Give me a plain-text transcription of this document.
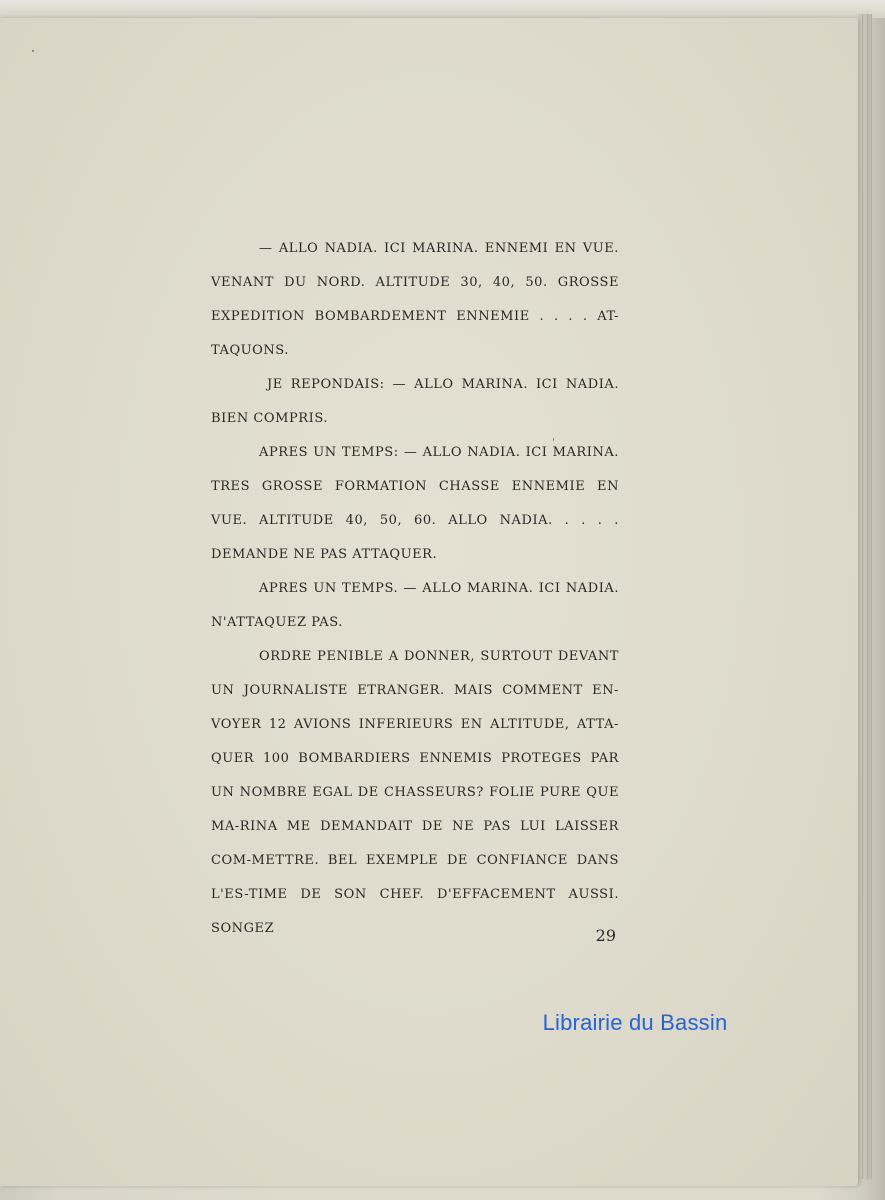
— ALLO NADIA. ICI MARINA. ENNEMI EN VUE. VENANT DU NORD. ALTITUDE 30, 40, 50. GROSSE EXPEDITION BOMBARDEMENT ENNEMIE . . . . AT-TAQUONS.

JE REPONDAIS: — ALLO MARINA. ICI NADIA. BIEN COMPRIS.

APRES UN TEMPS: — ALLO NADIA. ICI MARINA. TRES GROSSE FORMATION CHASSE ENNEMIE EN VUE. ALTITUDE 40, 50, 60. ALLO NADIA. . . . . DEMANDE NE PAS ATTAQUER.

APRES UN TEMPS. — ALLO MARINA. ICI NADIA. N'ATTAQUEZ PAS.

ORDRE PENIBLE A DONNER, SURTOUT DEVANT UN JOURNALISTE ETRANGER. MAIS COMMENT EN-VOYER 12 AVIONS INFERIEURS EN ALTITUDE, ATTA-QUER 100 BOMBARDIERS ENNEMIS PROTEGES PAR UN NOMBRE EGAL DE CHASSEURS? FOLIE PURE QUE MA-RINA ME DEMANDAIT DE NE PAS LUI LAISSER COM-METTRE. BEL EXEMPLE DE CONFIANCE DANS L'ES-TIME DE SON CHEF. D'EFFACEMENT AUSSI. SONGEZ	29
Librairie du Bassin
